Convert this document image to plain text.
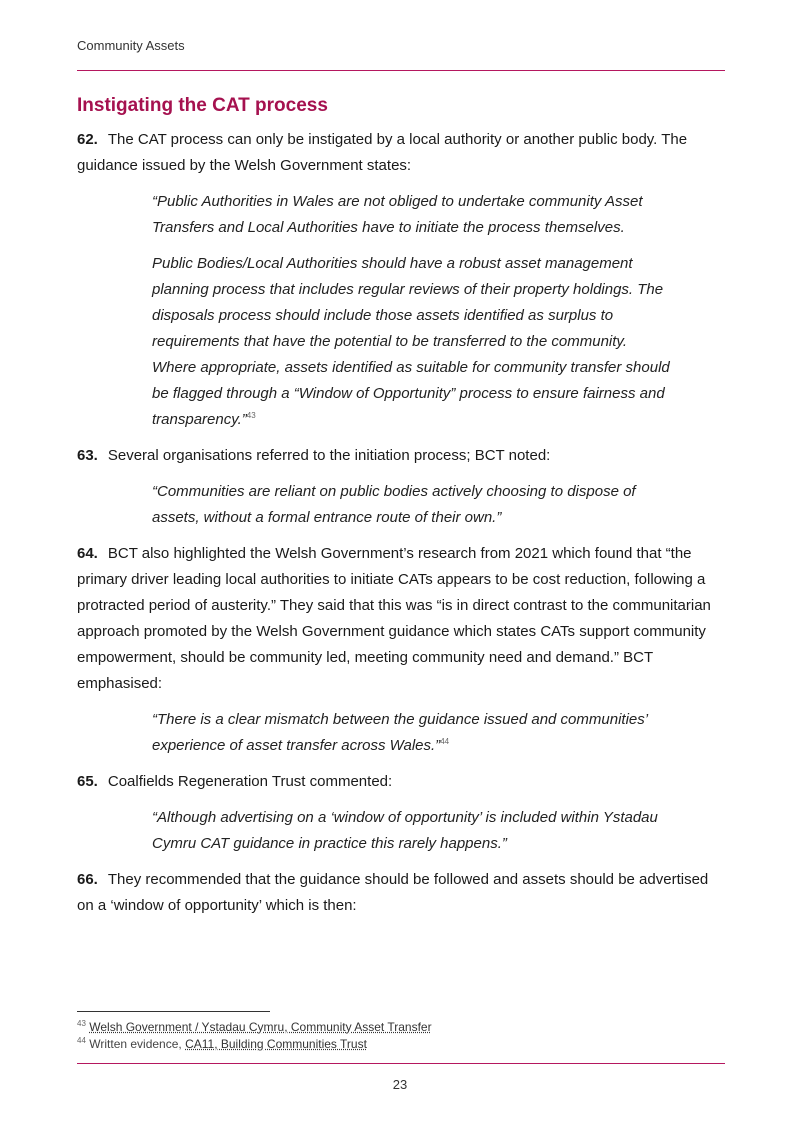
Community Assets
Instigating the CAT process

62. The CAT process can only be instigated by a local authority or another public body. The guidance issued by the Welsh Government states:

“Public Authorities in Wales are not obliged to undertake community Asset Transfers and Local Authorities have to initiate the process themselves.

Public Bodies/Local Authorities should have a robust asset management planning process that includes regular reviews of their property holdings. The disposals process should include those assets identified as surplus to requirements that have the potential to be transferred to the community. Where appropriate, assets identified as suitable for community transfer should be flagged through a “Window of Opportunity” process to ensure fairness and transparency.”$^{43}$

63. Several organisations referred to the initiation process; BCT noted:

“Communities are reliant on public bodies actively choosing to dispose of assets, without a formal entrance route of their own.”

64. BCT also highlighted the Welsh Government’s research from 2021 which found that “the primary driver leading local authorities to initiate CATs appears to be cost reduction, following a protracted period of austerity.” They said that this was “is in direct contrast to the communitarian approach promoted by the Welsh Government guidance which states CATs support community empowerment, should be community led, meeting community need and demand.” BCT emphasised:

“There is a clear mismatch between the guidance issued and communities’ experience of asset transfer across Wales.”$^{44}$

65. Coalfields Regeneration Trust commented:

“Although advertising on a ‘window of opportunity’ is included within Ystadau Cymru CAT guidance in practice this rarely happens.”

66. They recommended that the guidance should be followed and assets should be advertised on a ‘window of opportunity’ which is then:

$^{43}$ Welsh Government / Ystadau Cymru, Community Asset Transfer
$^{44}$ Written evidence, CA11, Building Communities Trust
23
